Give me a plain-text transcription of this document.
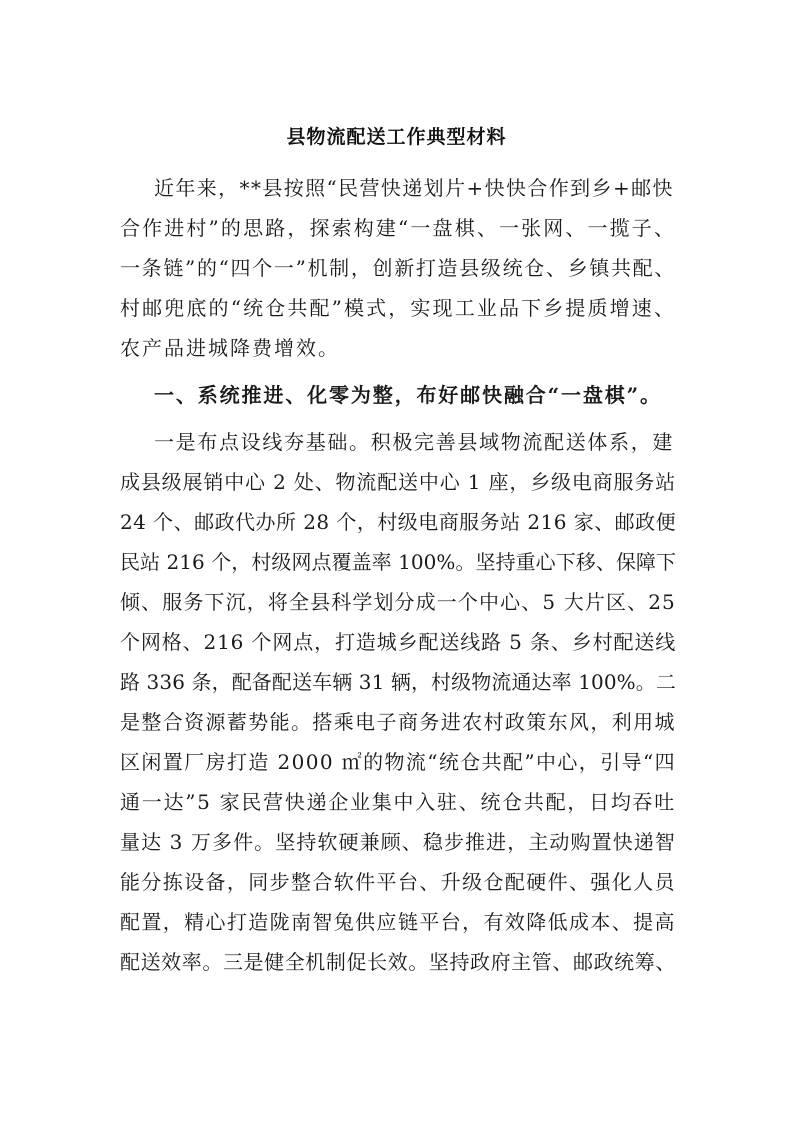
县物流配送工作典型材料
近年来，**县按照“民营快递划片+快快合作到乡+邮快
合作进村”的思路，探索构建“一盘棋、一张网、一揽子、
一条链”的“四个一”机制，创新打造县级统仓、乡镇共配、
村邮兜底的“统仓共配”模式，实现工业品下乡提质增速、
农产品进城降费增效。
一、系统推进、化零为整，布好邮快融合“一盘棋”。
一是布点设线夯基础。积极完善县域物流配送体系，建
成县级展销中心 2 处、物流配送中心 1 座，乡级电商服务站
24 个、邮政代办所 28 个，村级电商服务站 216 家、邮政便
民站 216 个，村级网点覆盖率 100%。坚持重心下移、保障下
倾、服务下沉，将全县科学划分成一个中心、5 大片区、25
个网格、216 个网点，打造城乡配送线路 5 条、乡村配送线
路 336 条，配备配送车辆 31 辆，村级物流通达率 100%。二
是整合资源蓄势能。搭乘电子商务进农村政策东风，利用城
区闲置厂房打造 2000 ㎡的物流“统仓共配”中心，引导“四
通一达”5 家民营快递企业集中入驻、统仓共配，日均吞吐
量达 3 万多件。坚持软硬兼顾、稳步推进，主动购置快递智
能分拣设备，同步整合软件平台、升级仓配硬件、强化人员
配置，精心打造陇南智兔供应链平台，有效降低成本、提高
配送效率。三是健全机制促长效。坚持政府主管、邮政统筹、
